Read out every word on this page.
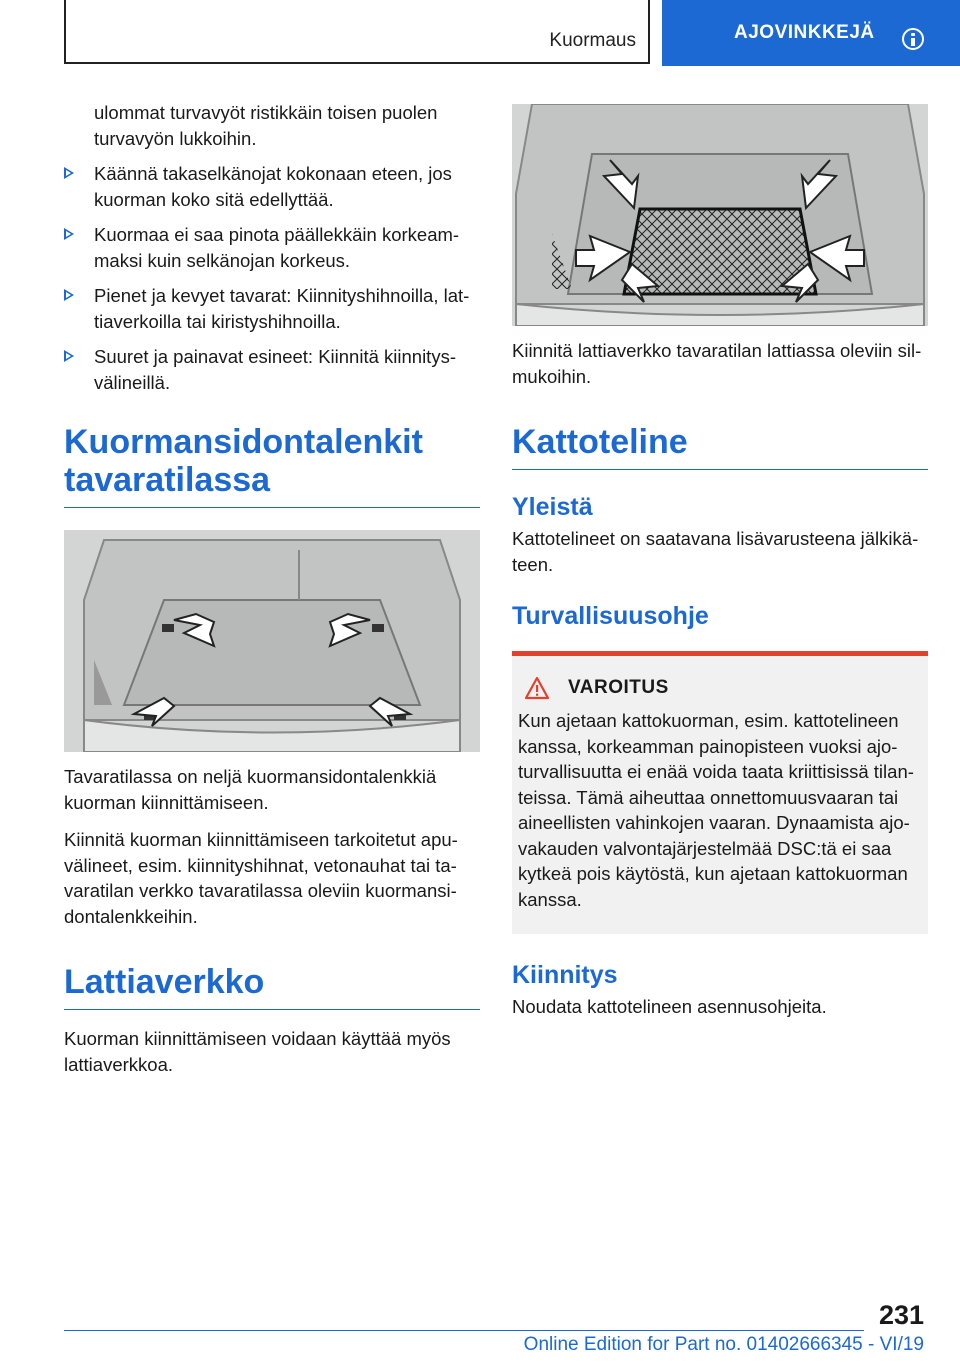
Kuormaus	AJOVINKKEJÄ

ulommat turvavyöt ristikkäin toisen puolen turvavyön lukkoihin.

Käännä takaselkänojat kokonaan eteen, jos kuorman koko sitä edellyttää.

Kuormaa ei saa pinota päällekkäin korkeam‐maksi kuin selkänojan korkeus.

Pienet ja kevyet tavarat: Kiinnityshihnoilla, lat‐tiaverkoilla tai kiristyshihnoilla.

Suuret ja painavat esineet: Kiinnitä kiinnitys‐välineillä.

Kuormansidontalenkit tavaratilassa

Tavaratilassa on neljä kuormansidontalenkkiä kuorman kiinnittämiseen.

Kiinnitä kuorman kiinnittämiseen tarkoitetut apu‐välineet, esim. kiinnityshihnat, vetonauhat tai ta‐varatilan verkko tavaratilassa oleviin kuormansi‐dontalenkkeihin.

Lattiaverkko

Kuorman kiinnittämiseen voidaan käyttää myös lattiaverkkoa.

Kiinnitä lattiaverkko tavaratilan lattiassa oleviin sil‐mukoihin.

Kattoteline
Yleistä

Kattotelineet on saatavana lisävarusteena jälkikä‐teen.

Turvallisuusohje
VAROITUS

Kun ajetaan kattokuorman, esim. kattotelineen kanssa, korkeamman painopisteen vuoksi ajo‐turvallisuutta ei enää voida taata kriittisissä tilan‐teissa. Tämä aiheuttaa onnettomuusvaaran tai aineellisten vahinkojen vaaran. Dynaamista ajo‐vakauden valvontajärjestelmää DSC:tä ei saa kytkeä pois käytöstä, kun ajetaan kattokuorman kanssa.

Kiinnitys

Noudata kattotelineen asennusohjeita.

231
Online Edition for Part no. 01402666345 - VI/19
